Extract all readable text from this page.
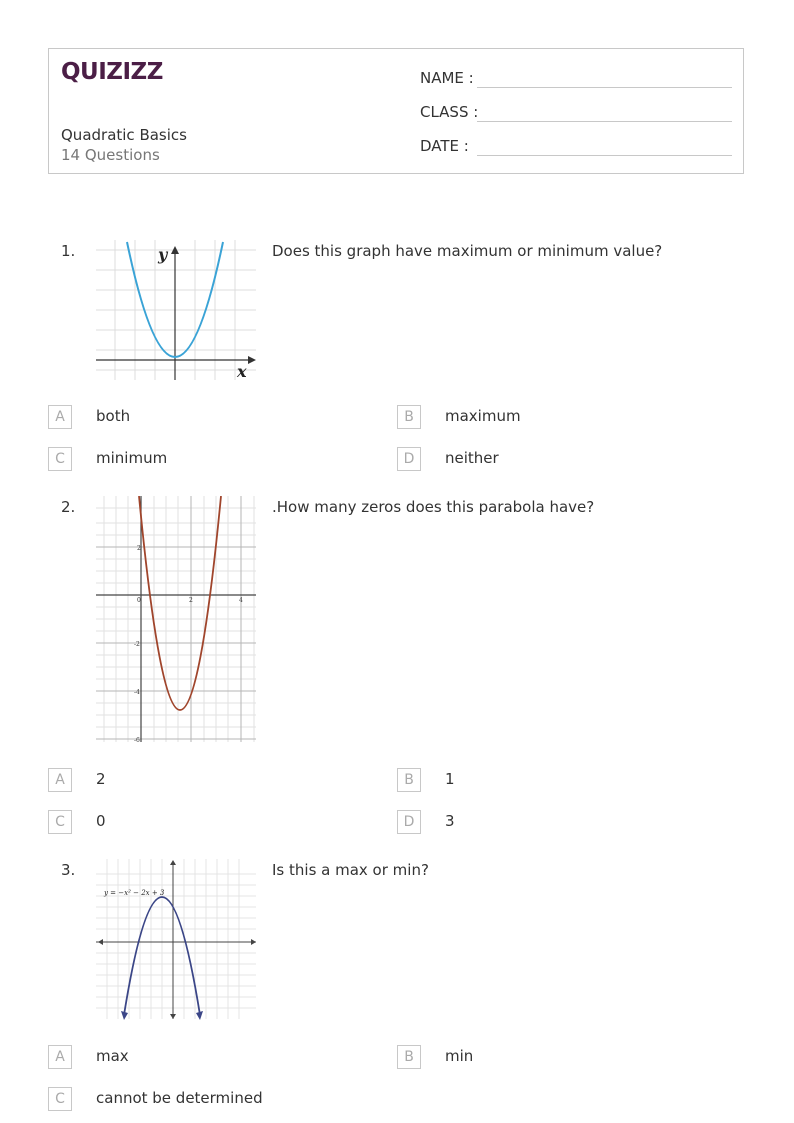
QUIZIZZ
Quadratic Basics
14 Questions
NAME :
CLASS :
DATE :
1.	y
x
Does this graph have maximum or minimum value?
A	both	B	maximum
C	minimum	D	neither
2.
2
0	2	4
-2
-4
-6
.How many zeros does this parabola have?
A	2	B	1
C	0	D	3
3.
y = −x² − 2x + 3
Is this a max or min?
A	max	B	min
C	cannot be determined
